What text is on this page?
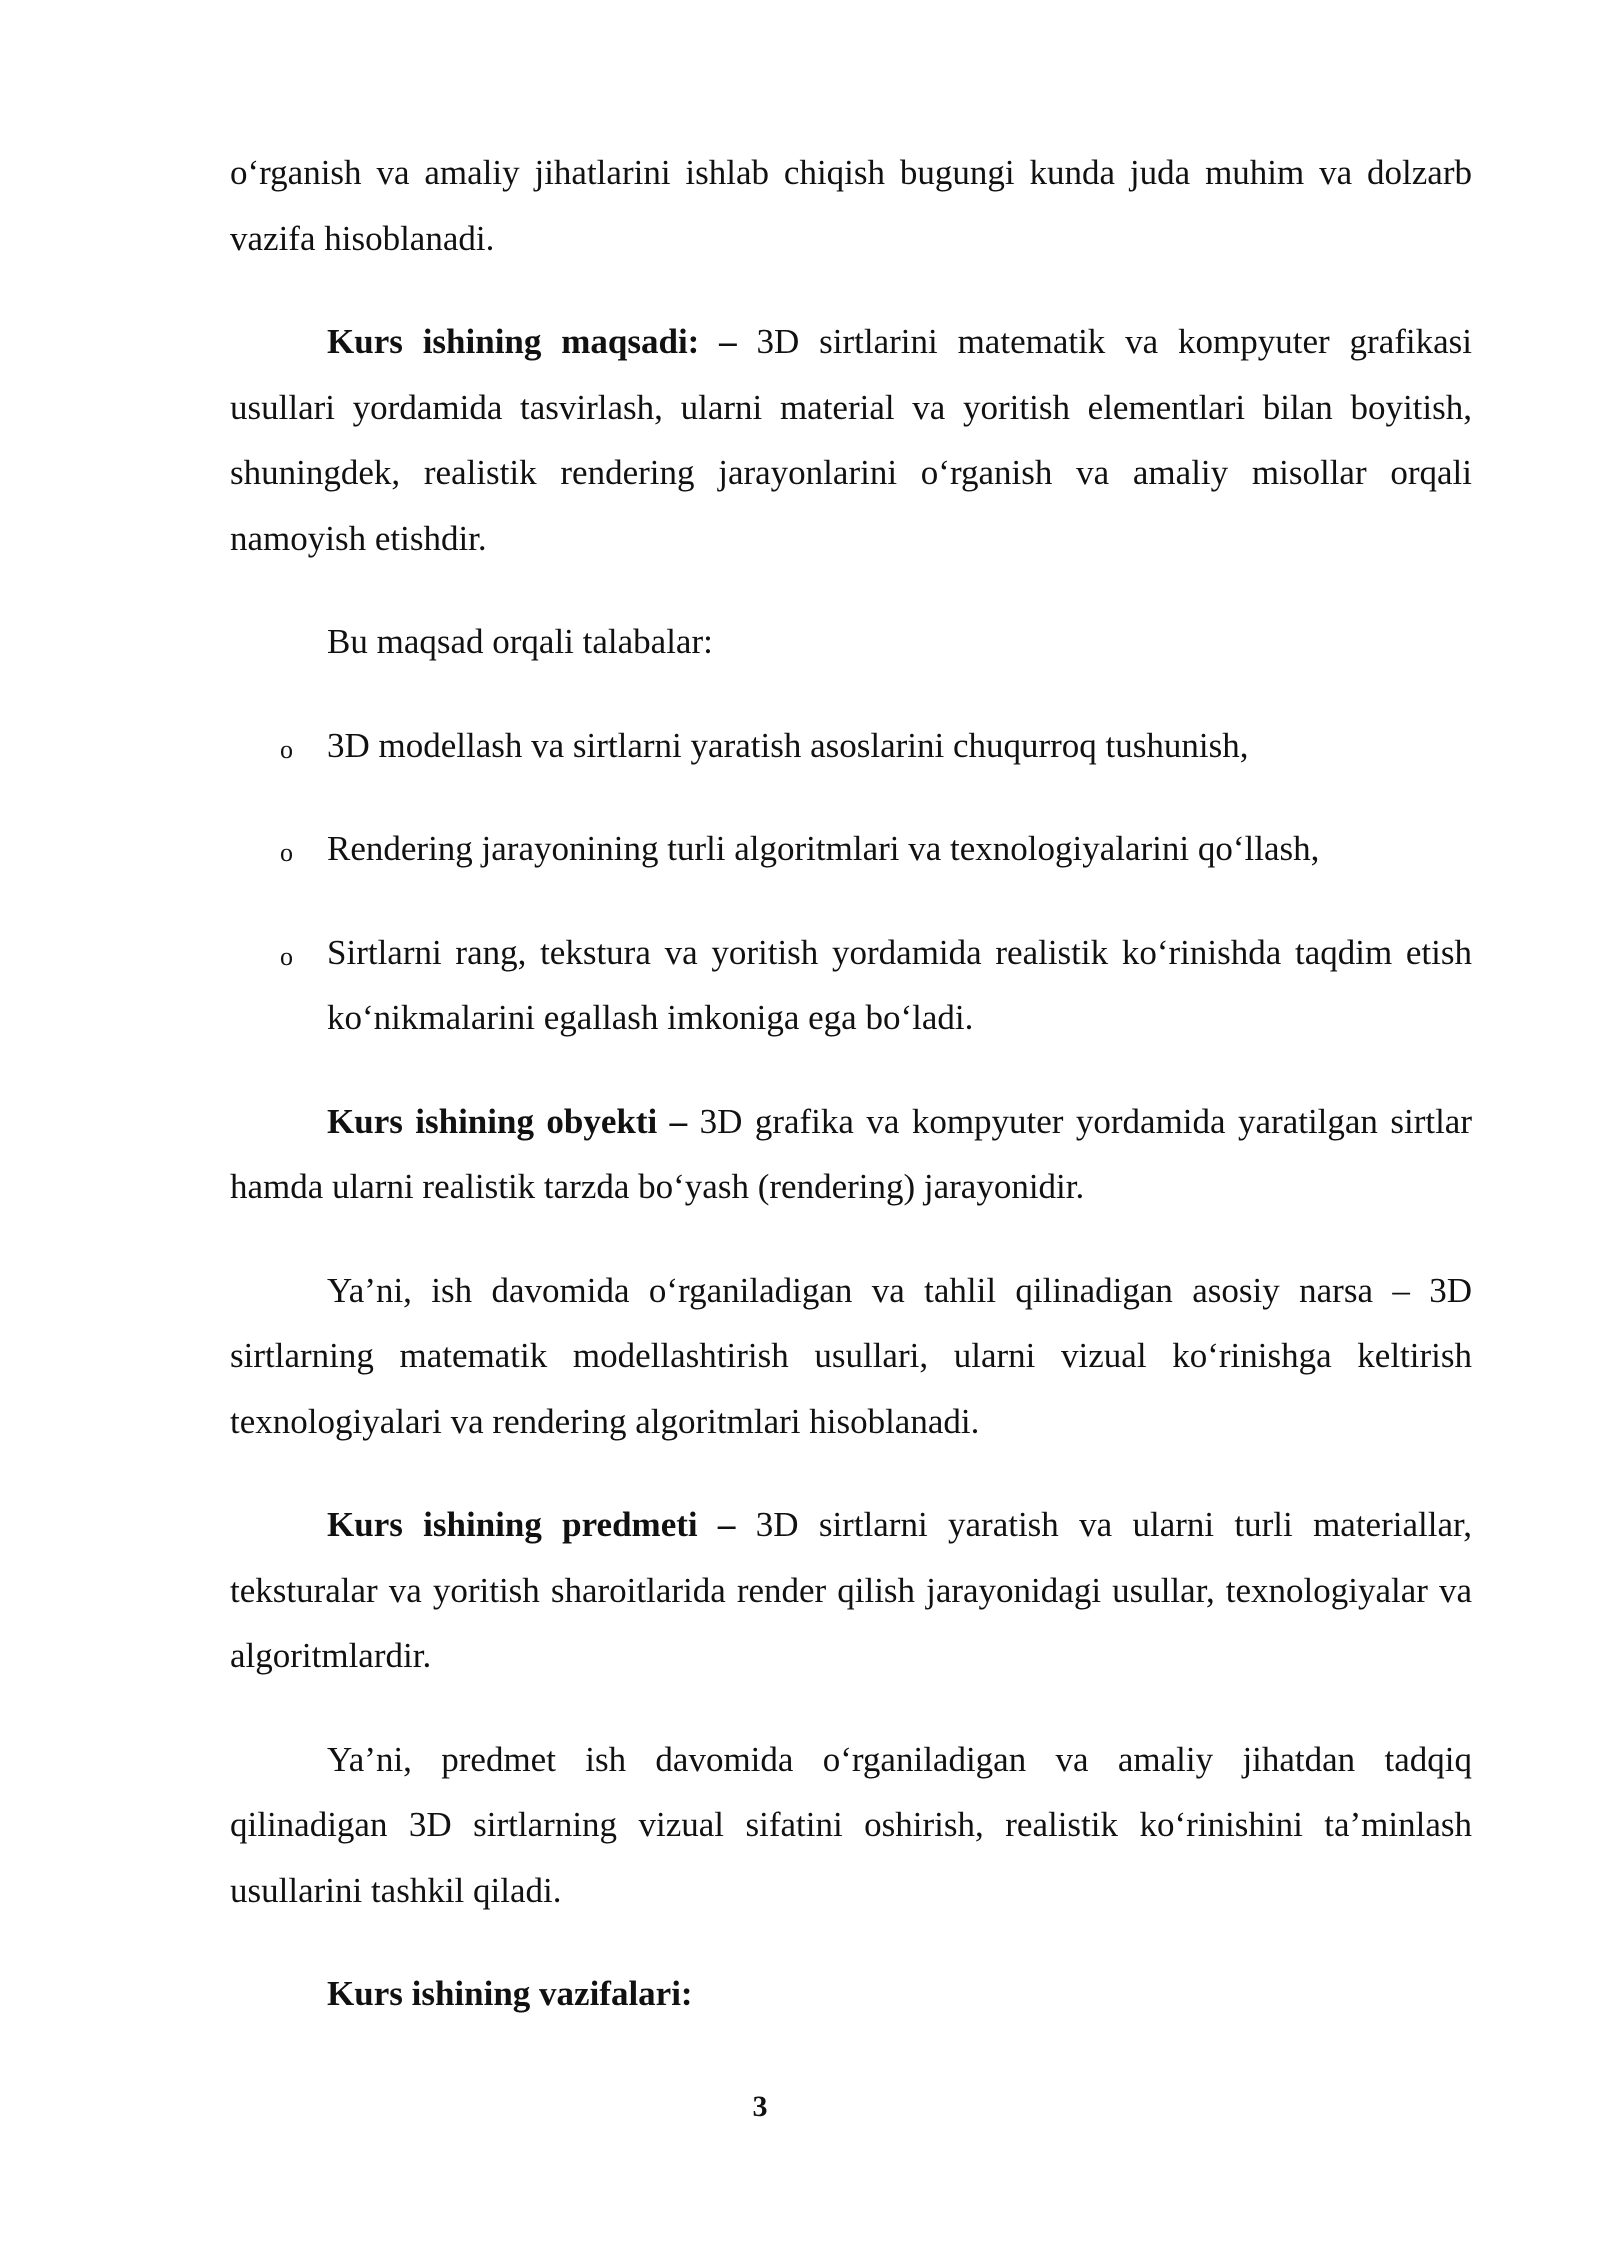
oʻrganish va amaliy jihatlarini ishlab chiqish bugungi kunda juda muhim va dolzarb vazifa hisoblanadi.

Kurs ishining maqsadi: – 3D sirtlarini matematik va kompyuter grafikasi usullari yordamida tasvirlash, ularni material va yoritish elementlari bilan boyitish, shuningdek, realistik rendering jarayonlarini oʻrganish va amaliy misollar orqali namoyish etishdir.

Bu maqsad orqali talabalar:

o 3D modellash va sirtlarni yaratish asoslarini chuqurroq tushunish,
o Rendering jarayonining turli algoritmlari va texnologiyalarini qoʻllash,
o Sirtlarni rang, tekstura va yoritish yordamida realistik koʻrinishda taqdim etish koʻnikmalarini egallash imkoniga ega boʻladi.

Kurs ishining obyekti – 3D grafika va kompyuter yordamida yaratilgan sirtlar hamda ularni realistik tarzda boʻyash (rendering) jarayonidir.

Ya’ni, ish davomida oʻrganiladigan va tahlil qilinadigan asosiy narsa – 3D sirtlarning matematik modellashtirish usullari, ularni vizual koʻrinishga keltirish texnologiyalari va rendering algoritmlari hisoblanadi.

Kurs ishining predmeti – 3D sirtlarni yaratish va ularni turli materiallar, teksturalar va yoritish sharoitlarida render qilish jarayonidagi usullar, texnologiyalar va algoritmlardir.

Ya’ni, predmet ish davomida oʻrganiladigan va amaliy jihatdan tadqiq qilinadigan 3D sirtlarning vizual sifatini oshirish, realistik koʻrinishini ta’minlash usullarini tashkil qiladi.

Kurs ishining vazifalari:

3
